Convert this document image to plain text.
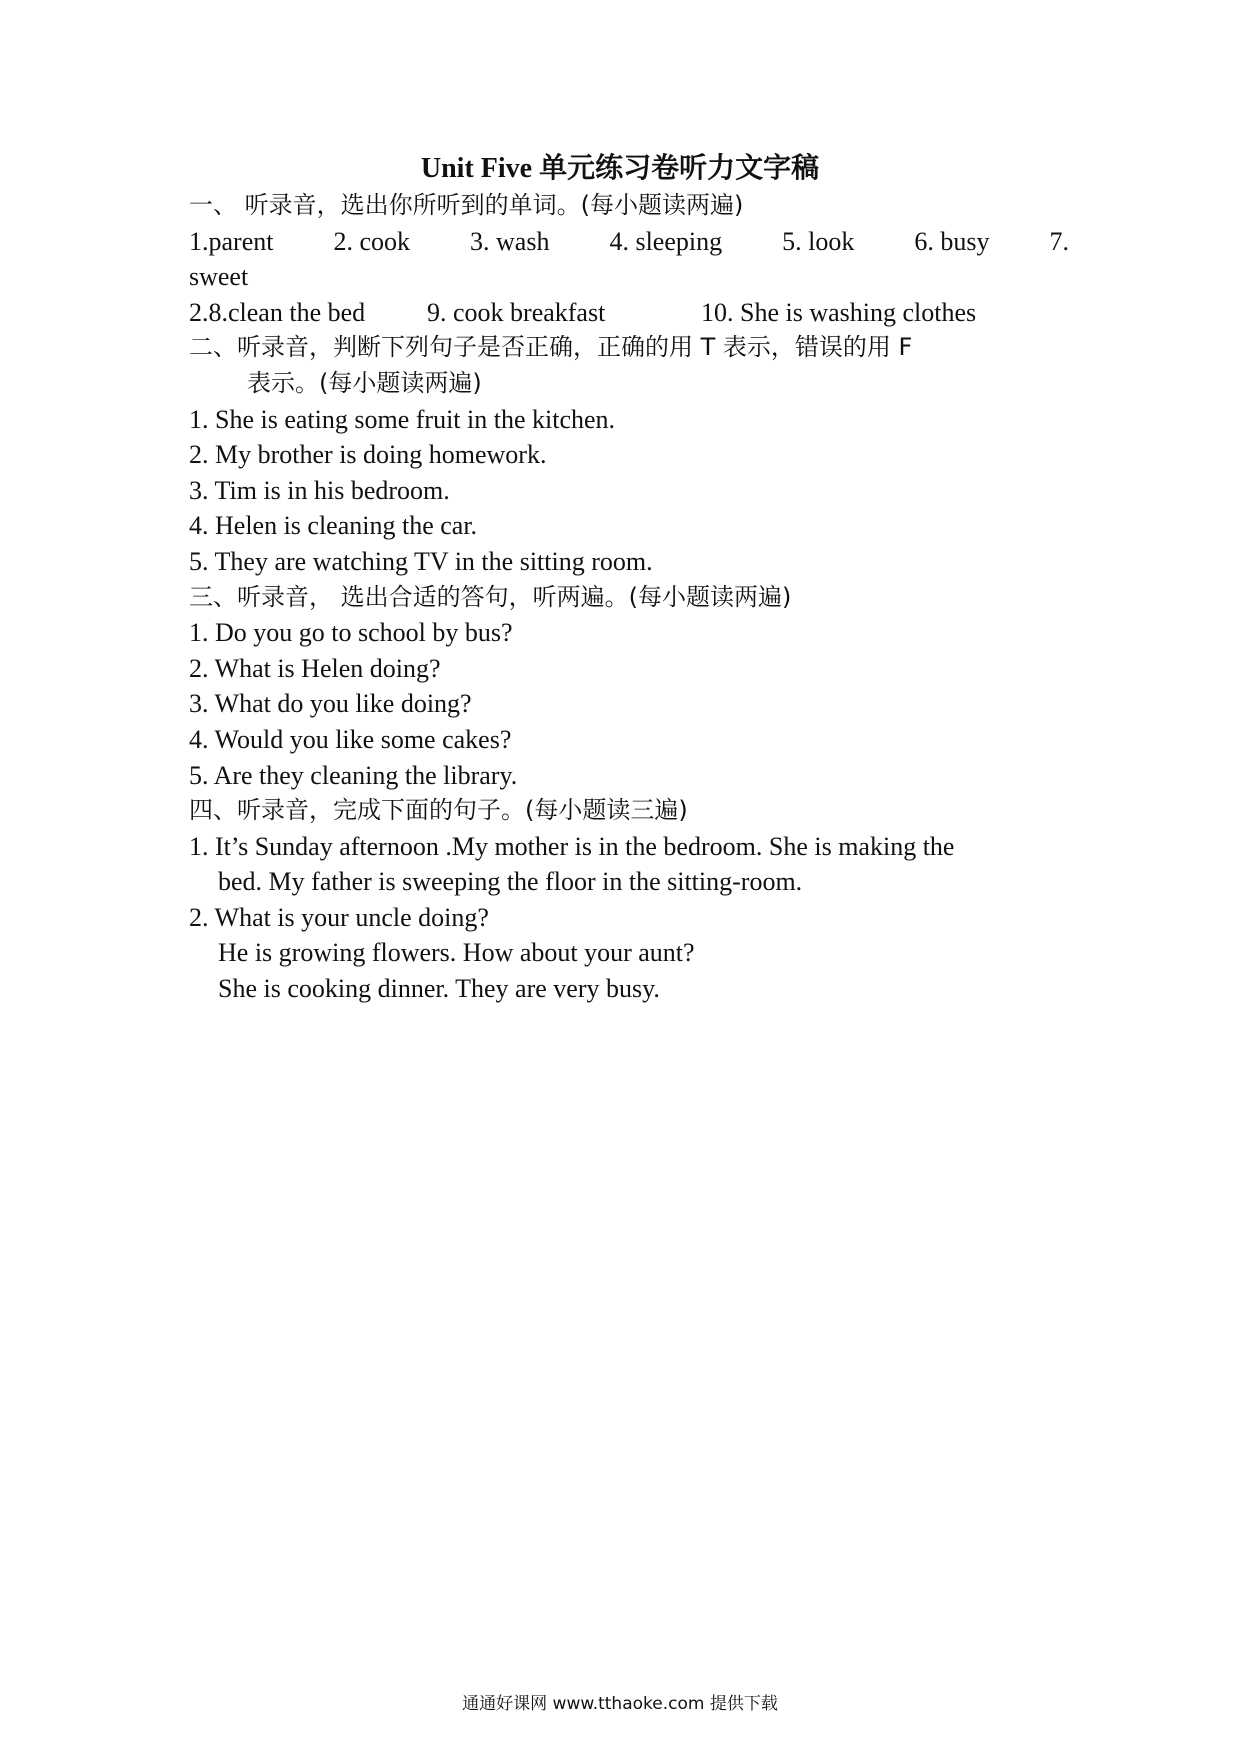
Unit Five 单元练习卷听力文字稿
一、 听录音，选出你所听到的单词。(每小题读两遍)
1.parent 2. cook 3. wash 4. sleeping 5. look 6. busy 7.
sweet
2.8.clean the bed	9. cook breakfast	10. She is washing clothes
二、听录音，判断下列句子是否正确，正确的用 T 表示，错误的用 F
表示。(每小题读两遍)
1. She is eating some fruit in the kitchen.
2. My brother is doing homework.
3. Tim is in his bedroom.
4. Helen is cleaning the car.
5. They are watching TV in the sitting room.
三、听录音， 选出合适的答句，听两遍。(每小题读两遍)
1. Do you go to school by bus?
2. What is Helen doing?
3. What do you like doing?
4. Would you like some cakes?
5. Are they cleaning the library.
四、听录音，完成下面的句子。(每小题读三遍)
1. It’s Sunday afternoon .My mother is in the bedroom. She is making the
bed. My father is sweeping the floor in the sitting-room.
2. What is your uncle doing?
He is growing flowers. How about your aunt?
She is cooking dinner. They are very busy.
通通好课网 www.tthaoke.com 提供下载
